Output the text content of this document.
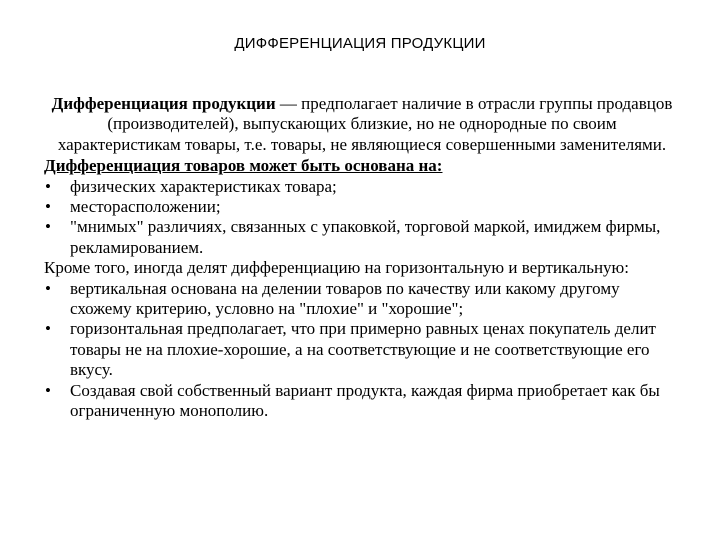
ДИФФЕРЕНЦИАЦИЯ ПРОДУКЦИИ
Дифференциация продукции — предполагает наличие в отрасли группы продавцов (производителей), выпускающих близкие, но не однородные по своим характеристикам товары, т.е. товары, не являющиеся совершенными заменителями.
Дифференциация товаров может быть основана на:
• физических характеристиках товара;
• месторасположении;
• "мнимых" различиях, связанных с упаковкой, торговой маркой, имиджем фирмы, рекламированием.
Кроме того, иногда делят дифференциацию на горизонтальную и вертикальную:
• вертикальная основана на делении товаров по качеству или какому другому схожему критерию, условно на "плохие" и "хорошие";
• горизонтальная предполагает, что при примерно равных ценах покупатель делит товары не на плохие-хорошие, а на соответствующие и не соответствующие его вкусу.
• Создавая свой собственный вариант продукта, каждая фирма приобретает как бы ограниченную монополию.
